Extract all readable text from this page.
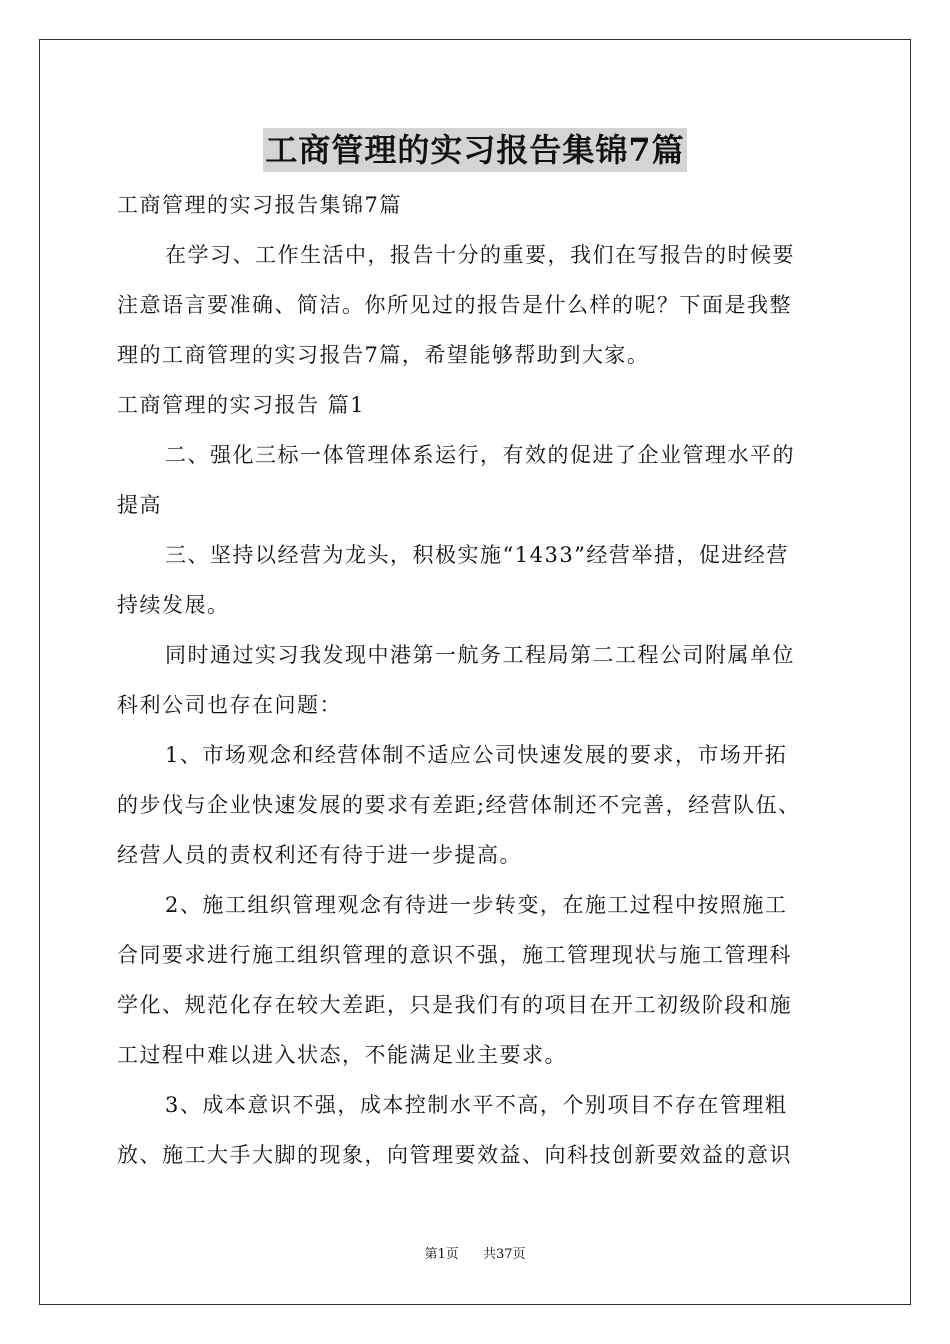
工商管理的实习报告集锦7篇

工商管理的实习报告集锦7篇

在学习、工作生活中，报告十分的重要，我们在写报告的时候要

注意语言要准确、简洁。你所见过的报告是什么样的呢？下面是我整

理的工商管理的实习报告7篇，希望能够帮助到大家。

工商管理的实习报告 篇1

二、强化三标一体管理体系运行，有效的促进了企业管理水平的

提高

三、坚持以经营为龙头，积极实施“1433”经营举措，促进经营

持续发展。

同时通过实习我发现中港第一航务工程局第二工程公司附属单位

科利公司也存在问题：

1、市场观念和经营体制不适应公司快速发展的要求，市场开拓

的步伐与企业快速发展的要求有差距;经营体制还不完善，经营队伍、

经营人员的责权利还有待于进一步提高。

2、施工组织管理观念有待进一步转变，在施工过程中按照施工

合同要求进行施工组织管理的意识不强，施工管理现状与施工管理科

学化、规范化存在较大差距，只是我们有的项目在开工初级阶段和施

工过程中难以进入状态，不能满足业主要求。

3、成本意识不强，成本控制水平不高，个别项目不存在管理粗

放、施工大手大脚的现象，向管理要效益、向科技创新要效益的意识

第1页 共37页
